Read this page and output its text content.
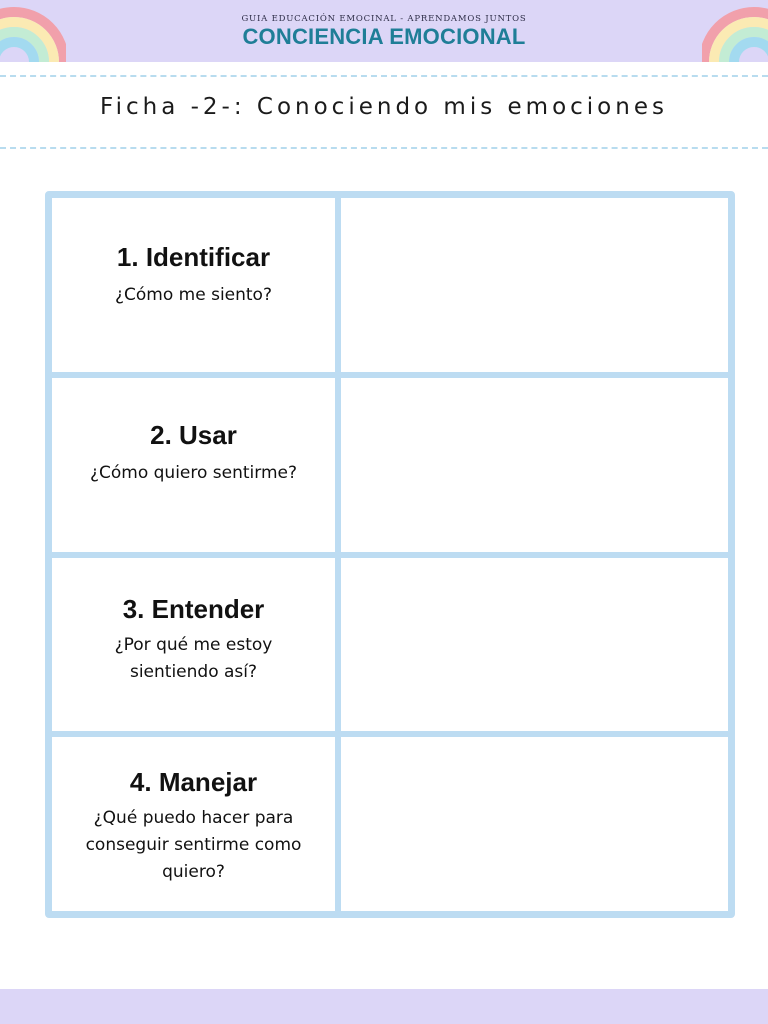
GUIA EDUCACIÓN EMOCINAL - APRENDAMOS JUNTOS
CONCIENCIA EMOCIONAL
Ficha -2-: Conociendo mis emociones
1. Identificar
¿Cómo me siento?
2. Usar
¿Cómo quiero sentirme?
3. Entender
¿Por qué me estoy
sientiendo así?
4. Manejar
¿Qué puedo hacer para
conseguir sentirme como
quiero?
